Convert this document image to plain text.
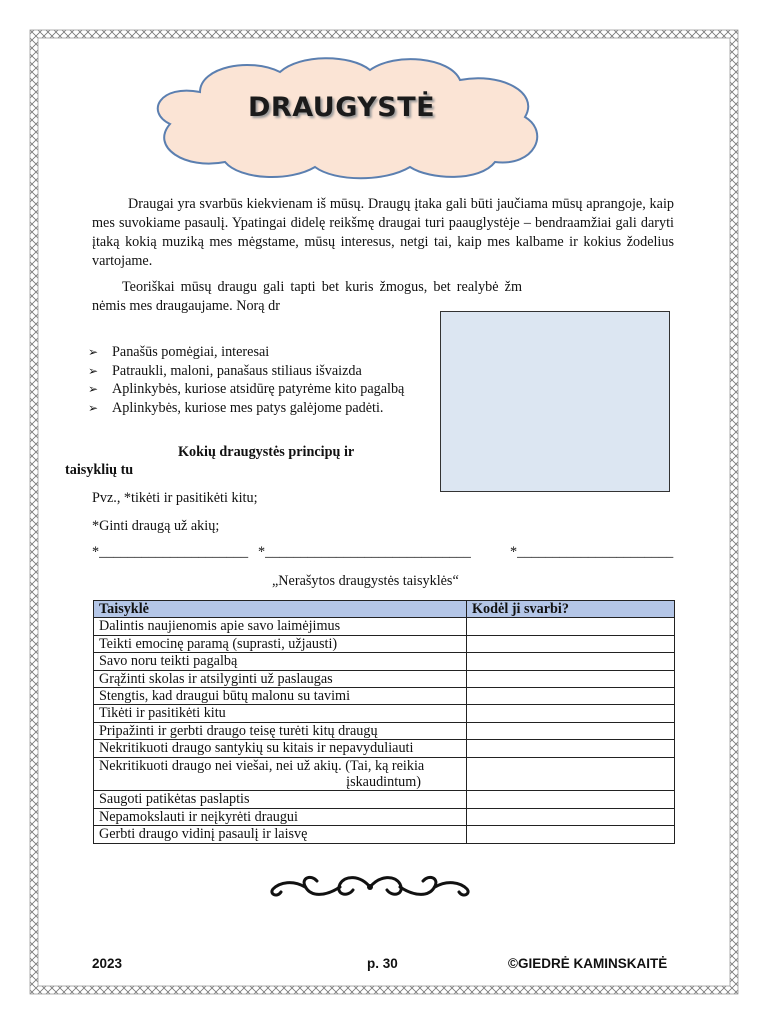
DRAUGYSTĖ
Draugai yra svarbūs kiekvienam iš mūsų. Draugų įtaka gali būti jaučiama mūsų aprangoje, kaip mes suvokiame pasaulį. Ypatingai didelę reikšmę draugai turi paauglystėje – bendraamžiai gali daryti įtaką kokią muziką mes mėgstame, mūsų interesus, netgi tai, kaip mes kalbame ir kokius žodelius vartojame.
Teoriškai mūsų draugu gali tapti bet kuris žmogus, bet realybė žm nėmis mes draugaujame. Norą dr
➢ Panašūs pomėgiai, interesai
➢ Patraukli, maloni, panašaus stiliaus išvaizda
➢ Aplinkybės, kuriose atsidūrę patyrėme kito pagalbą
➢ Aplinkybės, kuriose mes patys galėjome padėti.
Kokių draugystės principų ir
taisyklių tu
Pvz., *tikėti ir pasitikėti kitu;
*Ginti draugą už akių;
*_____________________ *_____________________________	*______________________
„Nerašytos draugystės taisyklės“
Taisyklė	Kodėl ji svarbi?
Dalintis naujienomis apie savo laimėjimus	
Teikti emocinę paramą (suprasti, užjausti)	
Savo noru teikti pagalbą	
Grąžinti skolas ir atsilyginti už paslaugas	
Stengtis, kad draugui būtų malonu su tavimi	
Tikėti ir pasitikėti kitu	
Pripažinti ir gerbti draugo teisę turėti kitų draugų	
Nekritikuoti draugo santykių su kitais ir nepavyduliauti	
Nekritikuoti draugo nei viešai, nei už akių. (Tai, ką reikia

įskaudintum)	

Saugoti patikėtas paslaptis	
Nepamokslauti ir neįkyrėti draugui	
Gerbti draugo vidinį pasaulį ir laisvę	
2023	p. 30	©GIEDRĖ KAMINSKAITĖ
